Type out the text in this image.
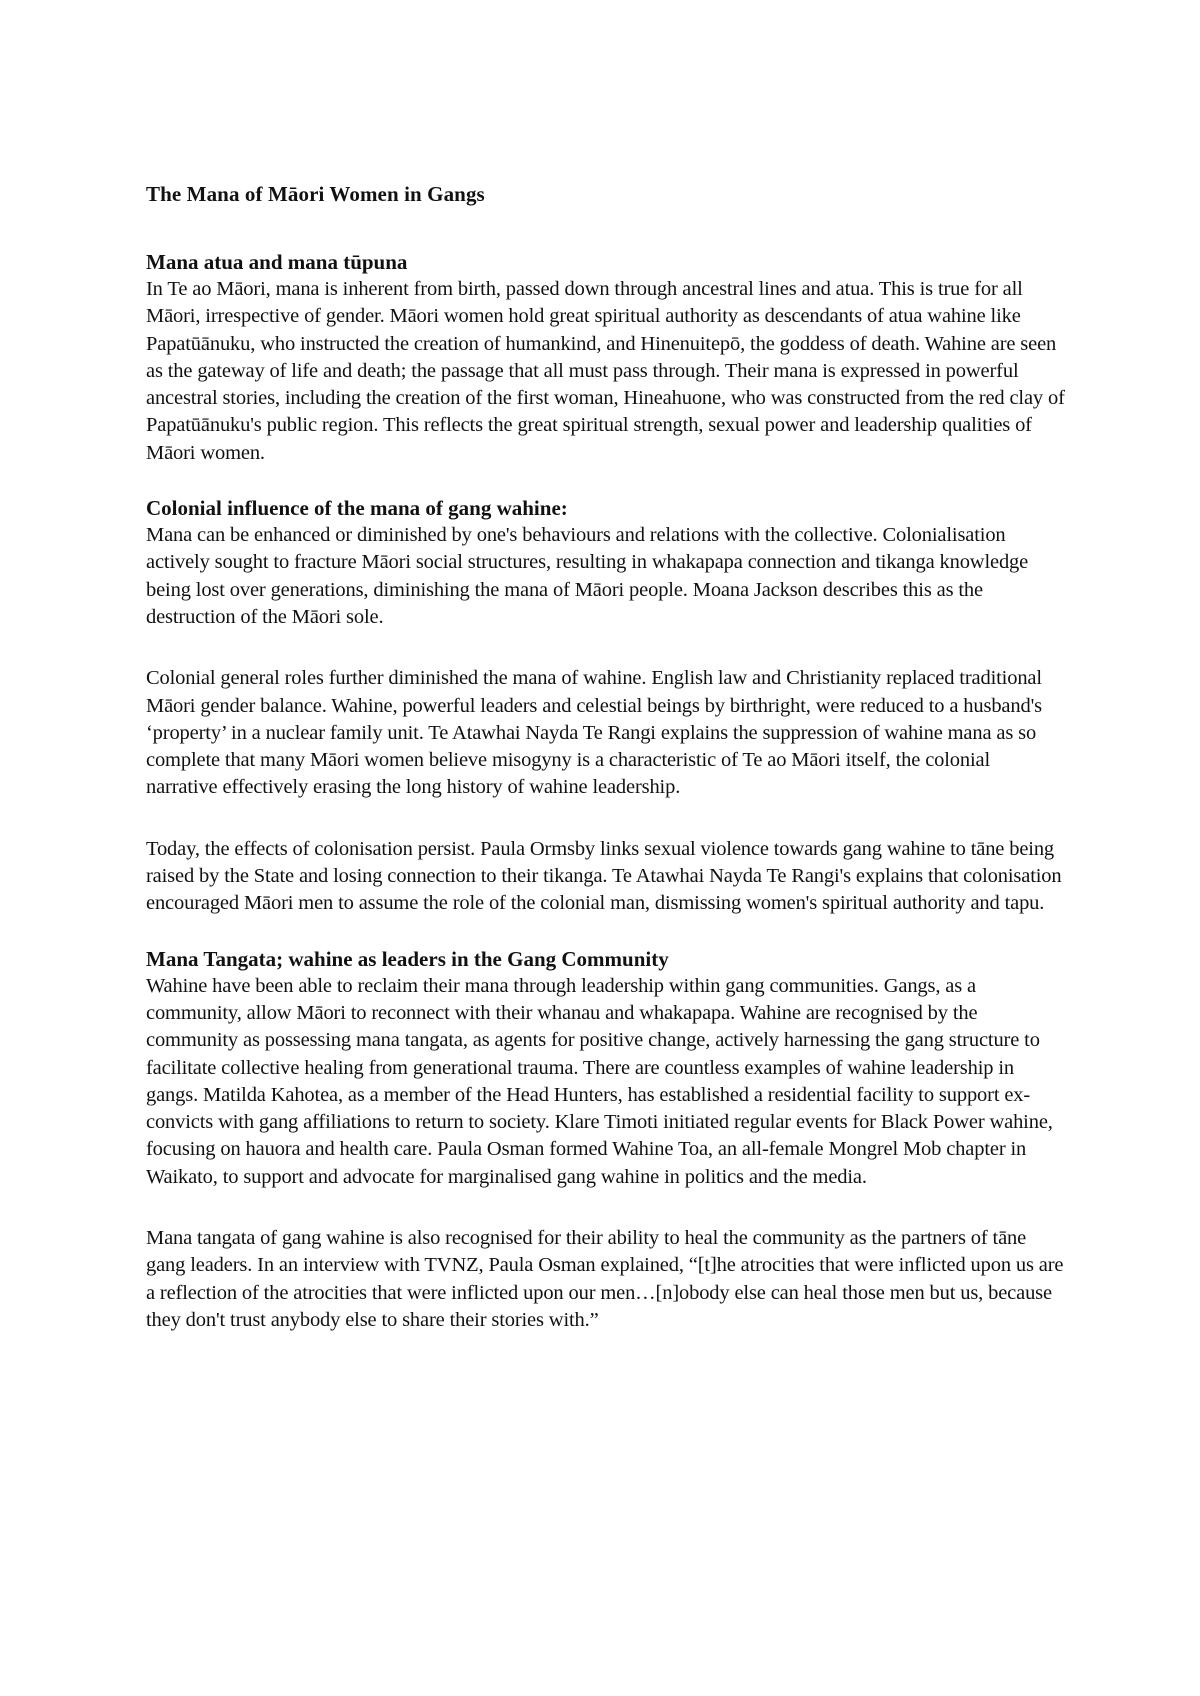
The Mana of Māori Women in Gangs
Mana atua and mana tūpuna

In Te ao Māori, mana is inherent from birth, passed down through ancestral lines and atua. This is true for all Māori, irrespective of gender. Māori women hold great spiritual authority as descendants of atua wahine like Papatūānuku, who instructed the creation of humankind, and Hinenuitepō, the goddess of death. Wahine are seen as the gateway of life and death; the passage that all must pass through. Their mana is expressed in powerful ancestral stories, including the creation of the first woman, Hineahuone, who was constructed from the red clay of Papatūānuku's public region. This reflects the great spiritual strength, sexual power and leadership qualities of Māori women.

Colonial influence of the mana of gang wahine:

Mana can be enhanced or diminished by one's behaviours and relations with the collective. Colonialisation actively sought to fracture Māori social structures, resulting in whakapapa connection and tikanga knowledge being lost over generations, diminishing the mana of Māori people. Moana Jackson describes this as the destruction of the Māori sole.

Colonial general roles further diminished the mana of wahine. English law and Christianity replaced traditional Māori gender balance. Wahine, powerful leaders and celestial beings by birthright, were reduced to a husband's ‘property’ in a nuclear family unit. Te Atawhai Nayda Te Rangi explains the suppression of wahine mana as so complete that many Māori women believe misogyny is a characteristic of Te ao Māori itself, the colonial narrative effectively erasing the long history of wahine leadership.

Today, the effects of colonisation persist. Paula Ormsby links sexual violence towards gang wahine to tāne being raised by the State and losing connection to their tikanga. Te Atawhai Nayda Te Rangi's explains that colonisation encouraged Māori men to assume the role of the colonial man, dismissing women's spiritual authority and tapu.

Mana Tangata; wahine as leaders in the Gang Community

Wahine have been able to reclaim their mana through leadership within gang communities. Gangs, as a community, allow Māori to reconnect with their whanau and whakapapa. Wahine are recognised by the community as possessing mana tangata, as agents for positive change, actively harnessing the gang structure to facilitate collective healing from generational trauma. There are countless examples of wahine leadership in gangs. Matilda Kahotea, as a member of the Head Hunters, has established a residential facility to support ex-convicts with gang affiliations to return to society. Klare Timoti initiated regular events for Black Power wahine, focusing on hauora and health care. Paula Osman formed Wahine Toa, an all-female Mongrel Mob chapter in Waikato, to support and advocate for marginalised gang wahine in politics and the media.

Mana tangata of gang wahine is also recognised for their ability to heal the community as the partners of tāne gang leaders. In an interview with TVNZ, Paula Osman explained, “[t]he atrocities that were inflicted upon us are a reflection of the atrocities that were inflicted upon our men…[n]obody else can heal those men but us, because they don't trust anybody else to share their stories with.”
